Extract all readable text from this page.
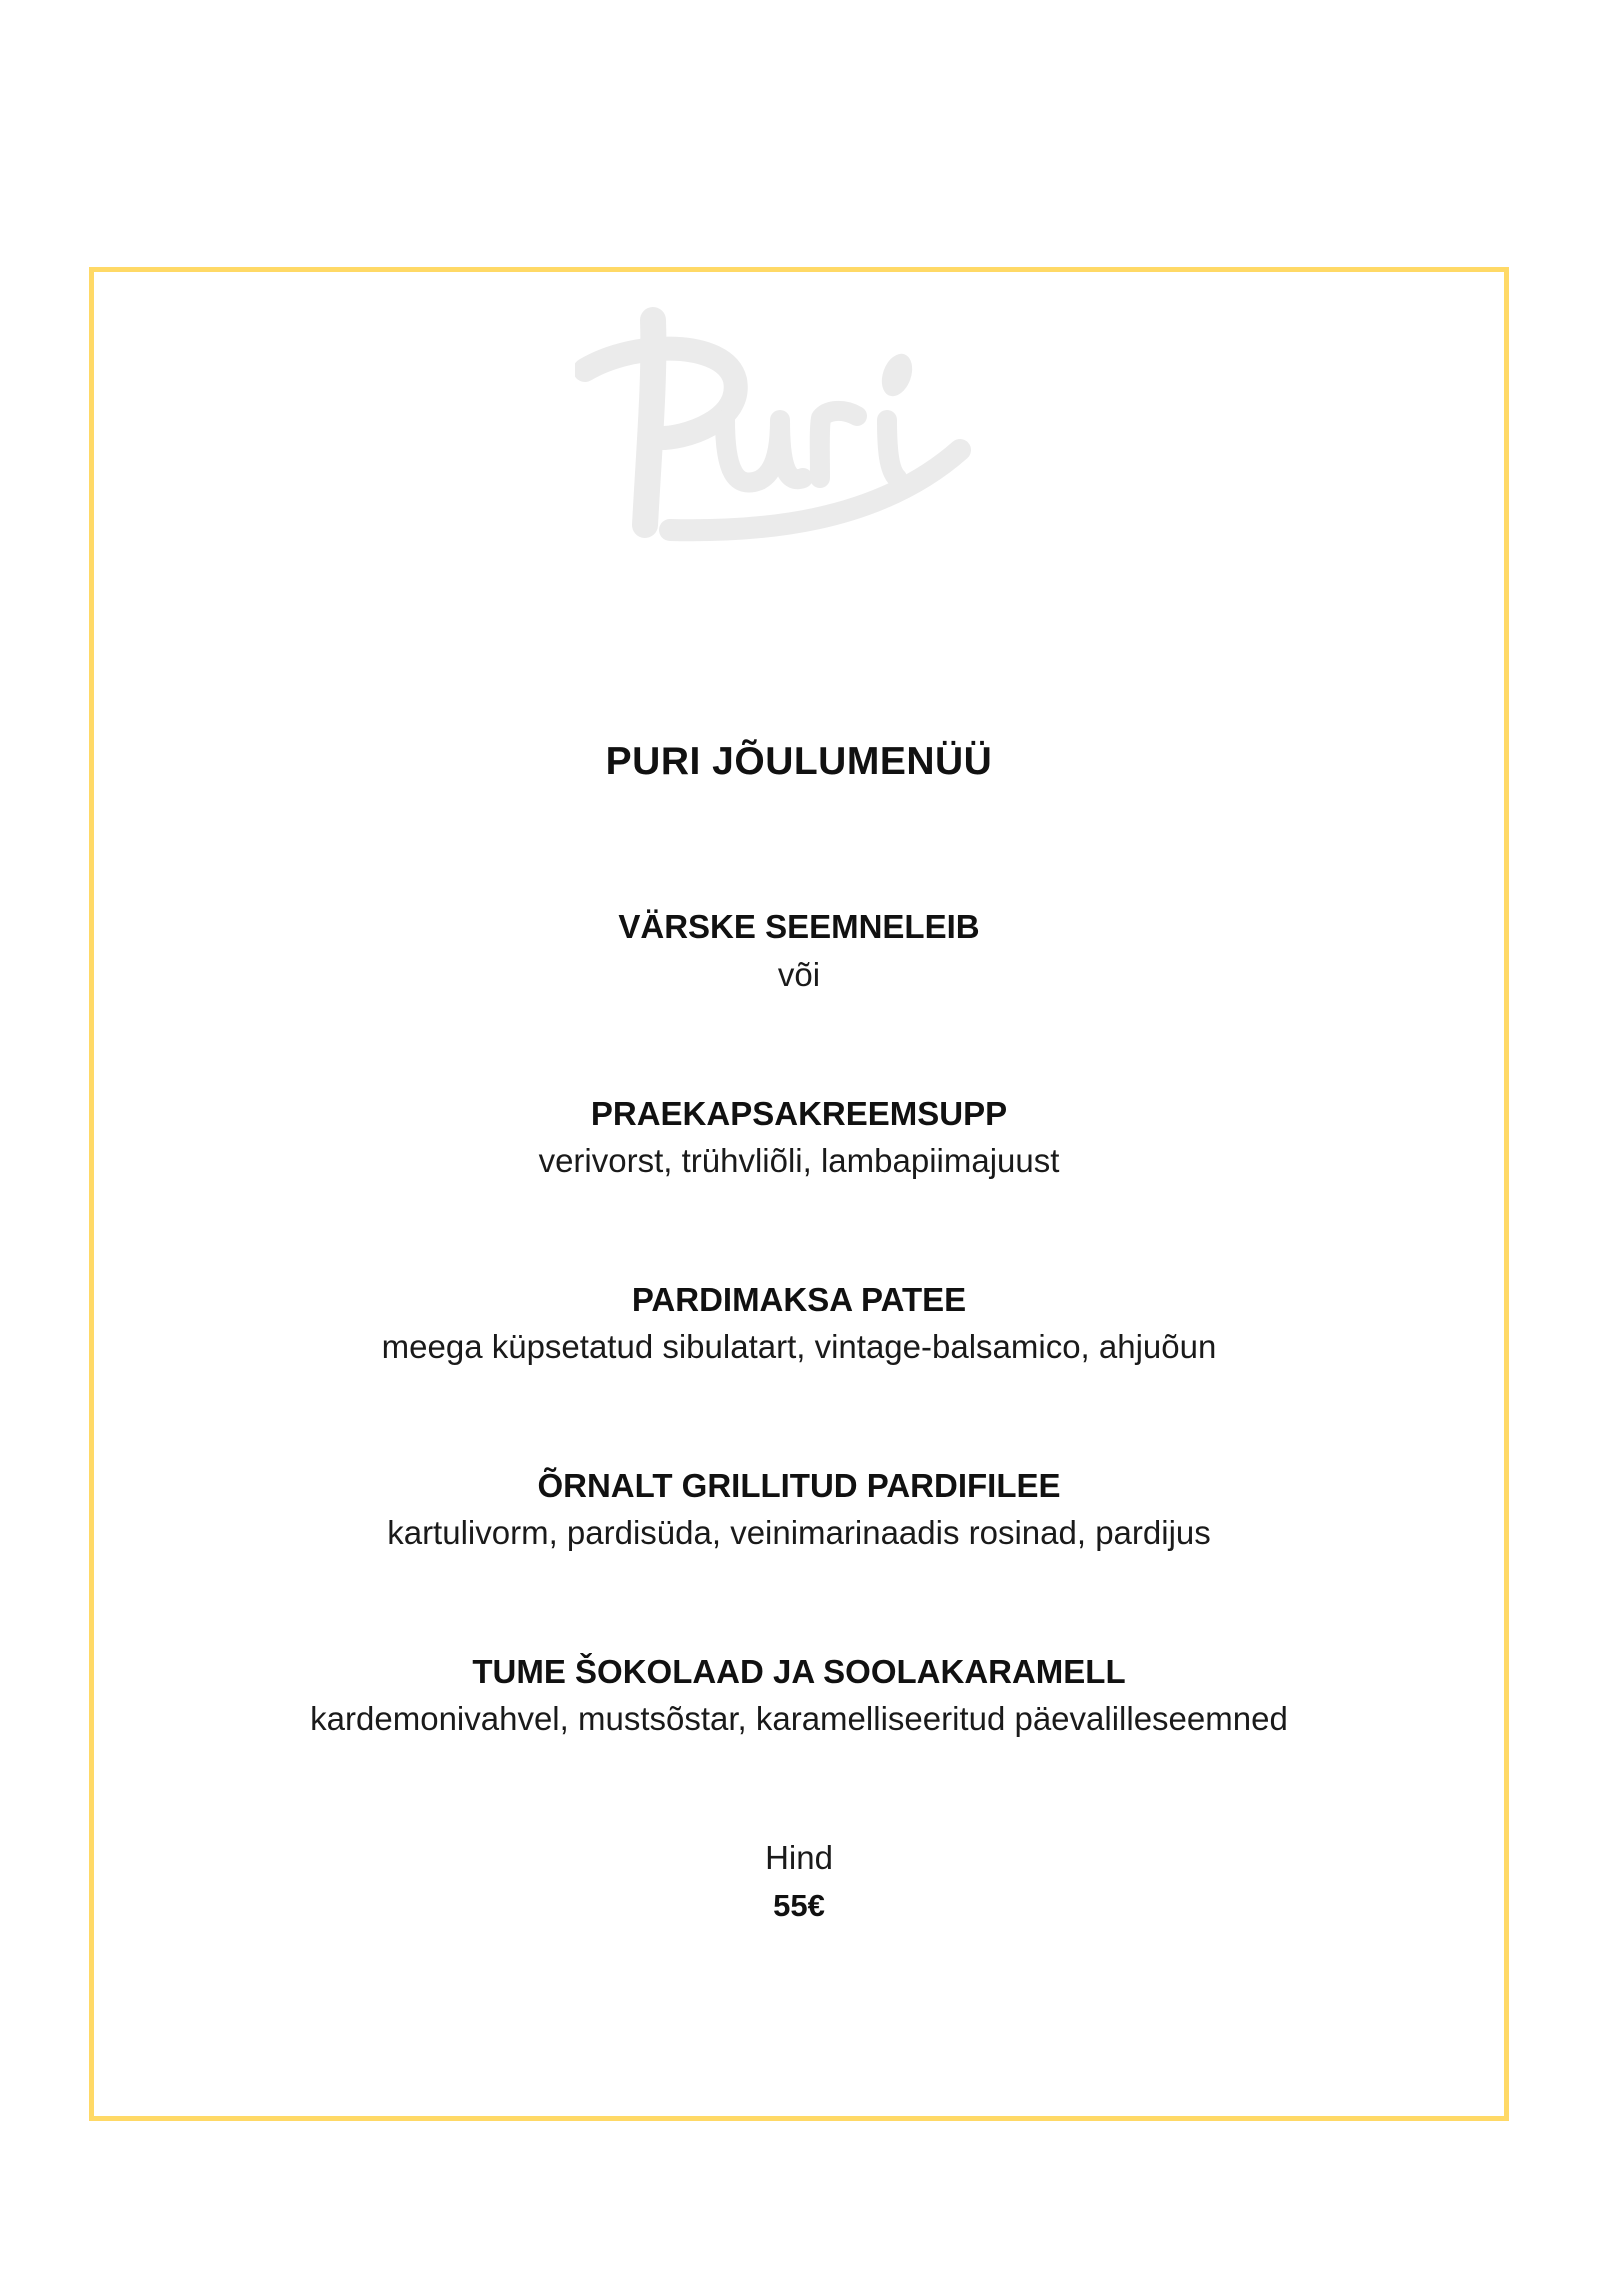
PURI JÕULUMENÜÜ
VÄRSKE SEEMNELEIB
või
PRAEKAPSAKREEMSUPP
verivorst, trühvliõli, lambapiimajuust
PARDIMAKSA PATEE
meega küpsetatud sibulatart, vintage-balsamico, ahjuõun
ÕRNALT GRILLITUD PARDIFILEE
kartulivorm, pardisüda, veinimarinaadis rosinad, pardijus
TUME ŠOKOLAAD JA SOOLAKARAMELL
kardemonivahvel, mustsõstar, karamelliseeritud päevalilleseemned
Hind
55€
